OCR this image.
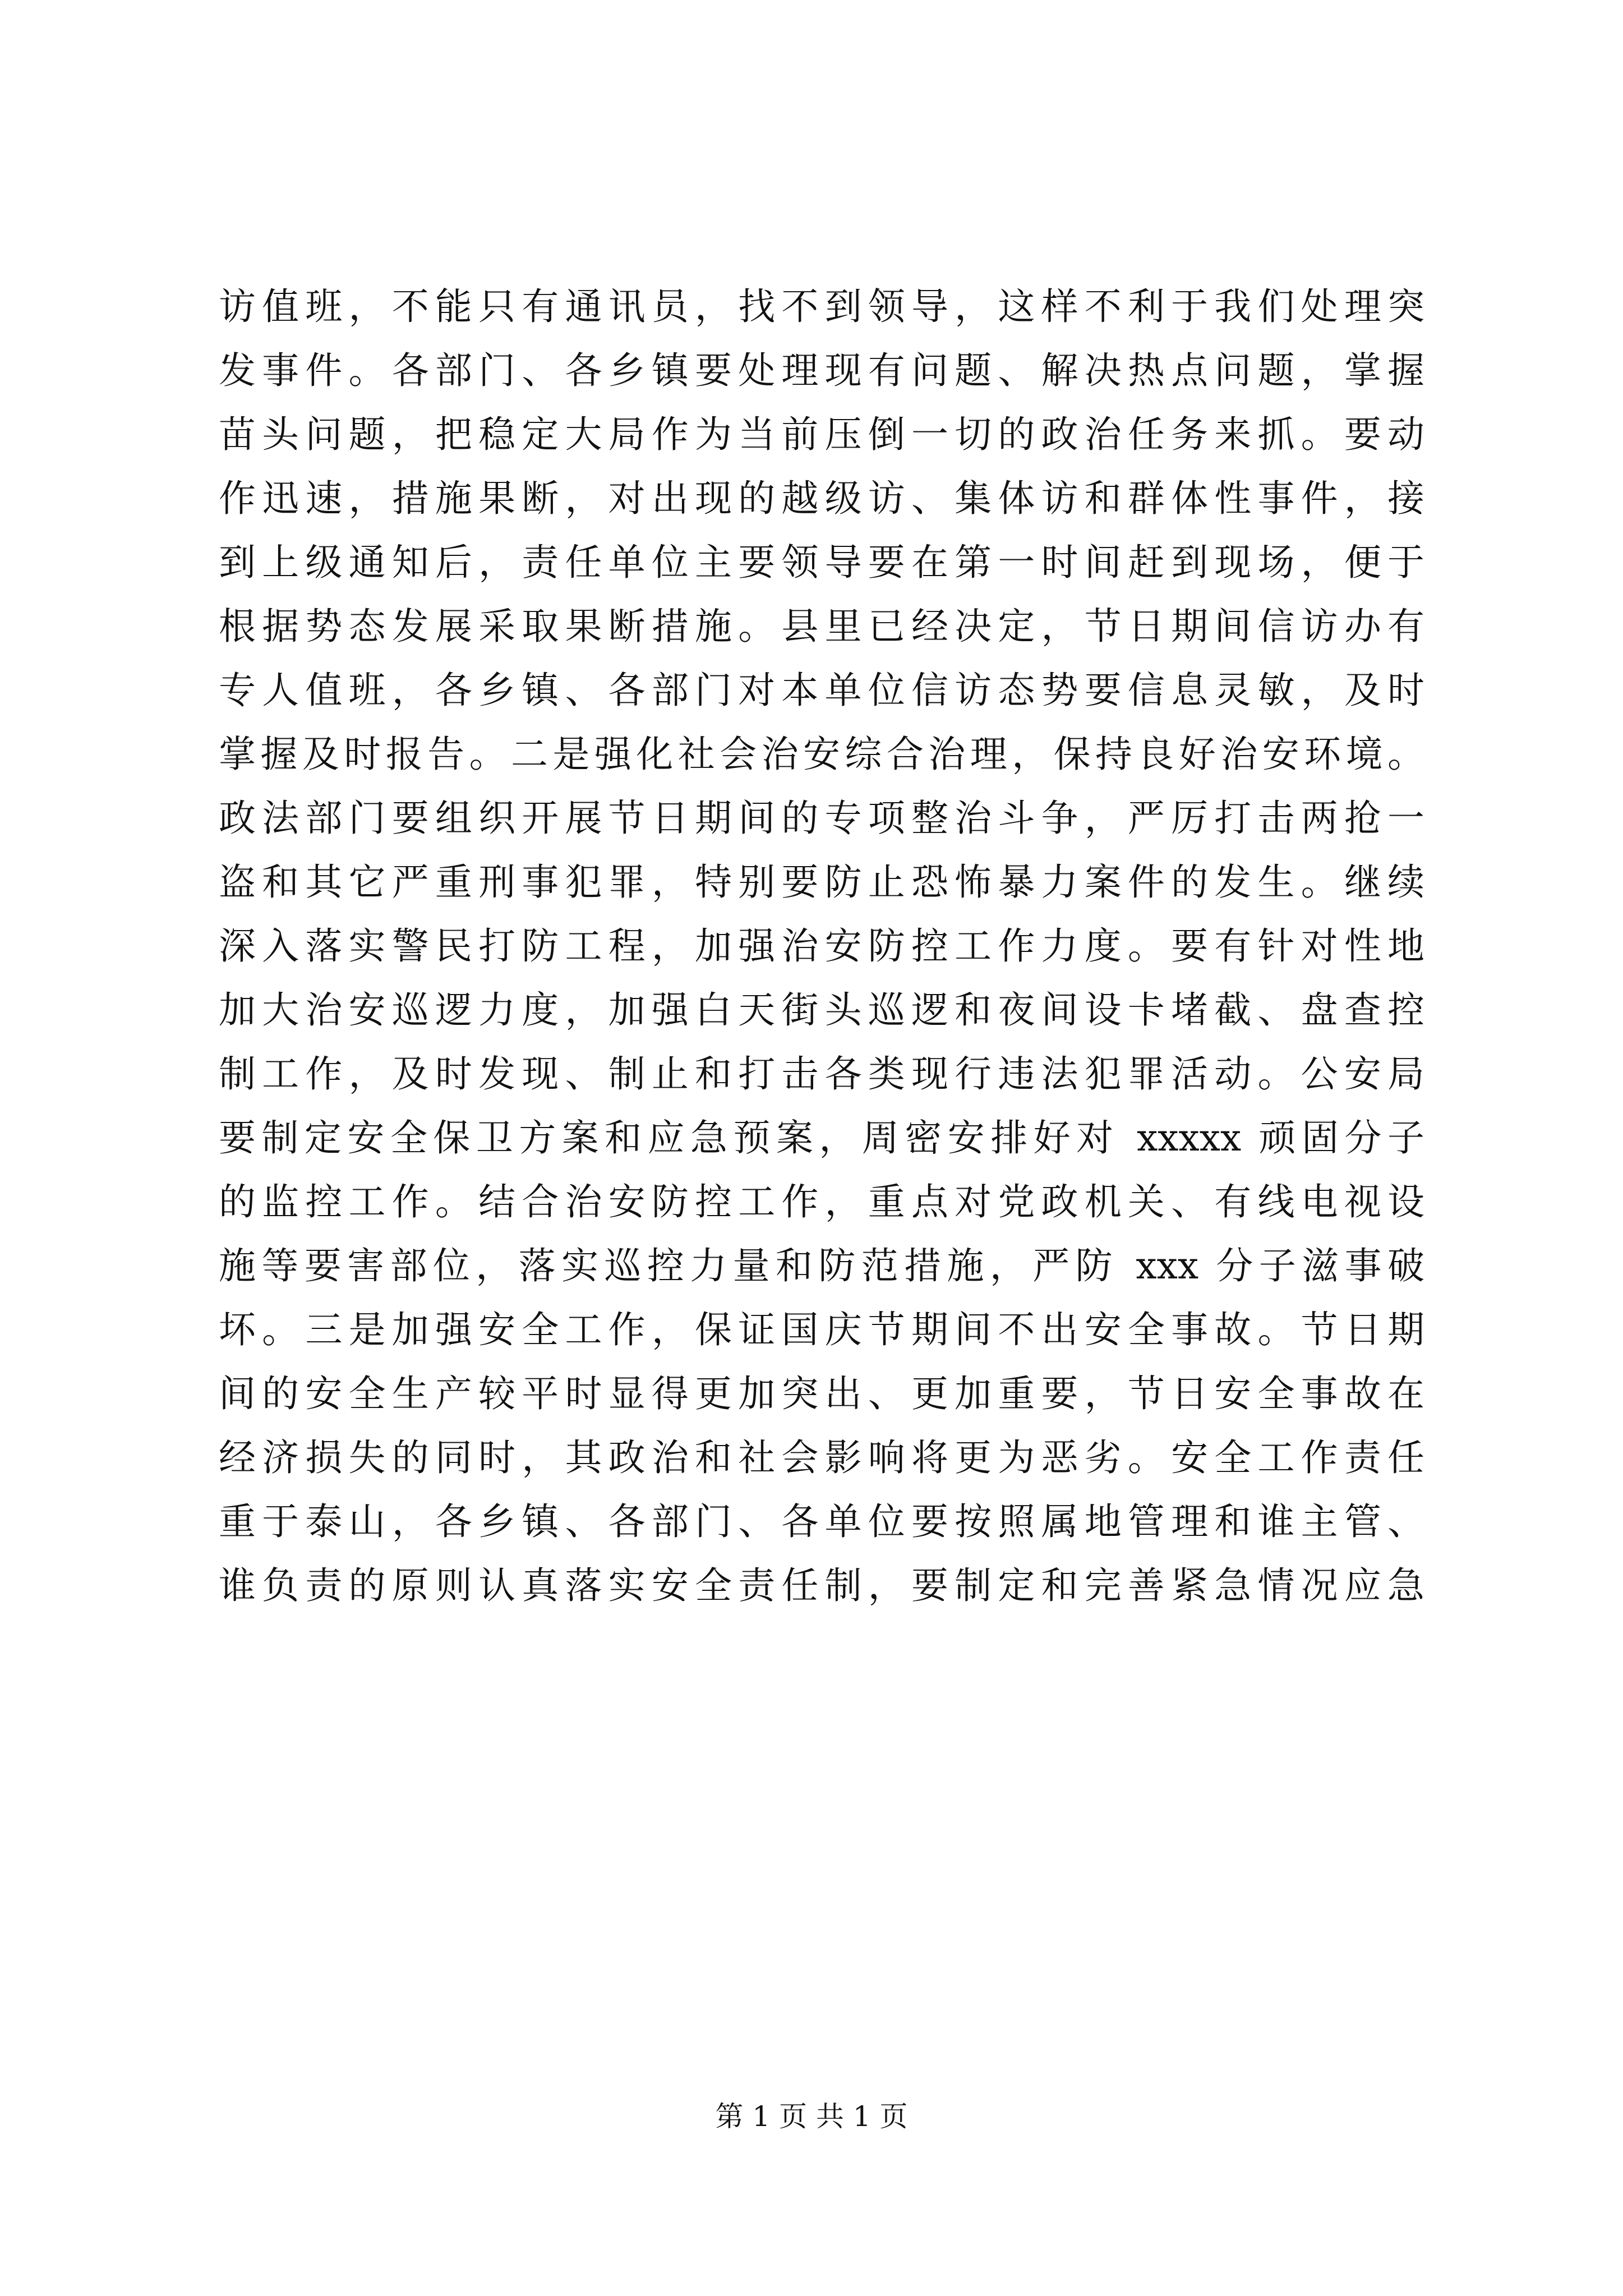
访值班，不能只有通讯员，找不到领导，这样不利于我们处理突
发事件。各部门、各乡镇要处理现有问题、解决热点问题，掌握
苗头问题，把稳定大局作为当前压倒一切的政治任务来抓。要动
作迅速，措施果断，对出现的越级访、集体访和群体性事件，接
到上级通知后，责任单位主要领导要在第一时间赶到现场，便于
根据势态发展采取果断措施。县里已经决定，节日期间信访办有
专人值班，各乡镇、各部门对本单位信访态势要信息灵敏，及时
掌握及时报告。二是强化社会治安综合治理，保持良好治安环境。
政法部门要组织开展节日期间的专项整治斗争，严厉打击两抢一
盗和其它严重刑事犯罪，特别要防止恐怖暴力案件的发生。继续
深入落实警民打防工程，加强治安防控工作力度。要有针对性地
加大治安巡逻力度，加强白天街头巡逻和夜间设卡堵截、盘查控
制工作，及时发现、制止和打击各类现行违法犯罪活动。公安局
要制定安全保卫方案和应急预案，周密安排好对 xxxxx 顽固分子
的监控工作。结合治安防控工作，重点对党政机关、有线电视设
施等要害部位，落实巡控力量和防范措施，严防 xxx 分子滋事破
坏。三是加强安全工作，保证国庆节期间不出安全事故。节日期
间的安全生产较平时显得更加突出、更加重要，节日安全事故在
经济损失的同时，其政治和社会影响将更为恶劣。安全工作责任
重于泰山，各乡镇、各部门、各单位要按照属地管理和谁主管、
谁负责的原则认真落实安全责任制，要制定和完善紧急情况应急
第 1 页 共 1 页
